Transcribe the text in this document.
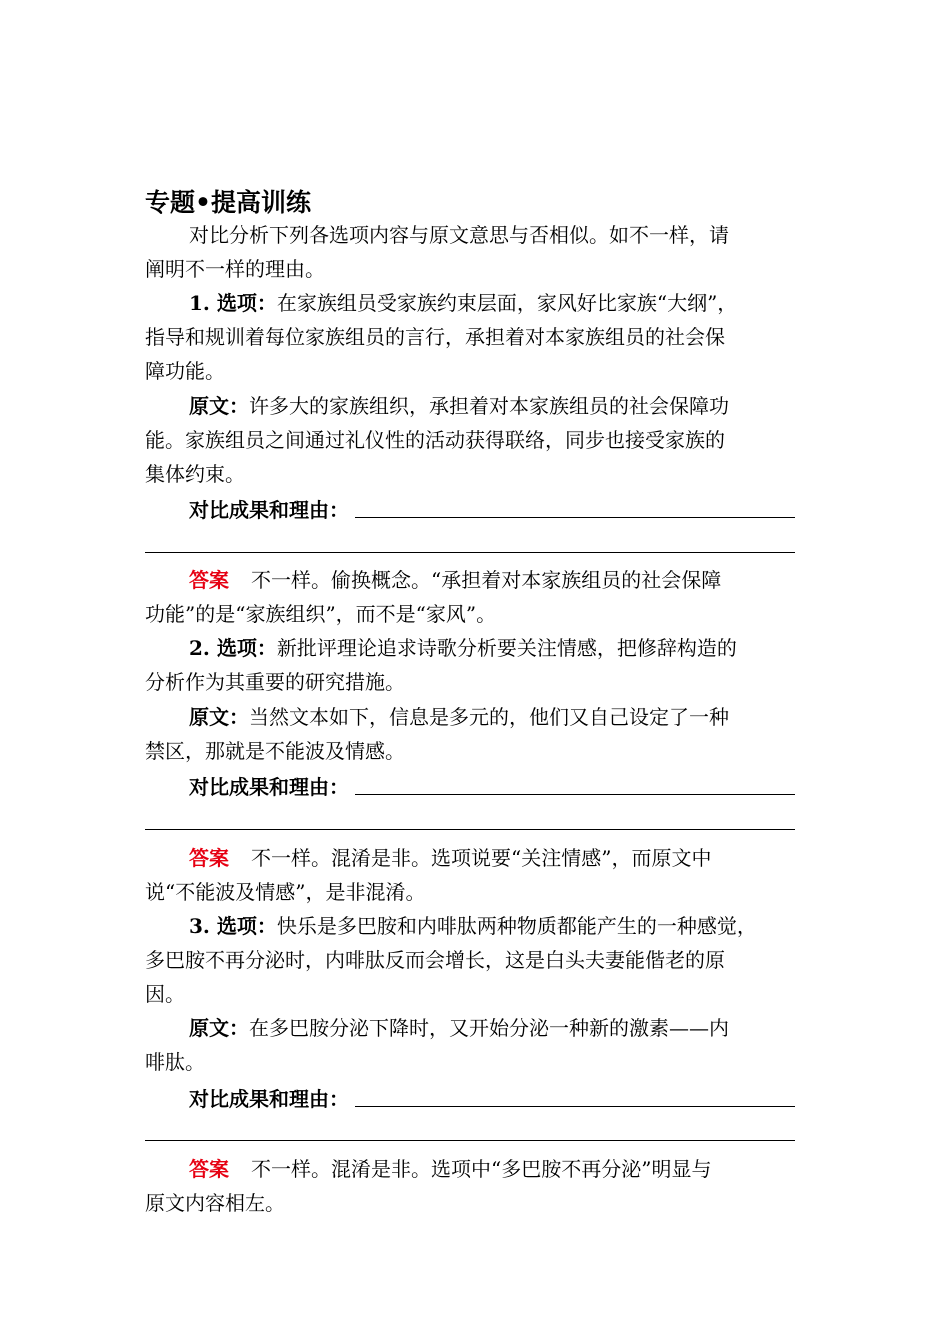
专题•提高训练
对比分析下列各选项内容与原文意思与否相似。如不一样，请
阐明不一样的理由。
1. 选项：在家族组员受家族约束层面，家风好比家族“大纲”，
指导和规训着每位家族组员的言行，承担着对本家族组员的社会保
障功能。
原文：许多大的家族组织，承担着对本家族组员的社会保障功
能。家族组员之间通过礼仪性的活动获得联络，同步也接受家族的
集体约束。
对比成果和理由：
答案 不一样。偷换概念。“承担着对本家族组员的社会保障
功能”的是“家族组织”，而不是“家风”。
2. 选项：新批评理论追求诗歌分析要关注情感，把修辞构造的
分析作为其重要的研究措施。
原文：当然文本如下，信息是多元的，他们又自己设定了一种
禁区，那就是不能波及情感。
对比成果和理由：
答案 不一样。混淆是非。选项说要“关注情感”，而原文中
说“不能波及情感”，是非混淆。
3. 选项：快乐是多巴胺和内啡肽两种物质都能产生的一种感觉，
多巴胺不再分泌时，内啡肽反而会增长，这是白头夫妻能偕老的原
因。
原文：在多巴胺分泌下降时，又开始分泌一种新的激素——内
啡肽。
对比成果和理由：
答案 不一样。混淆是非。选项中“多巴胺不再分泌”明显与
原文内容相左。
